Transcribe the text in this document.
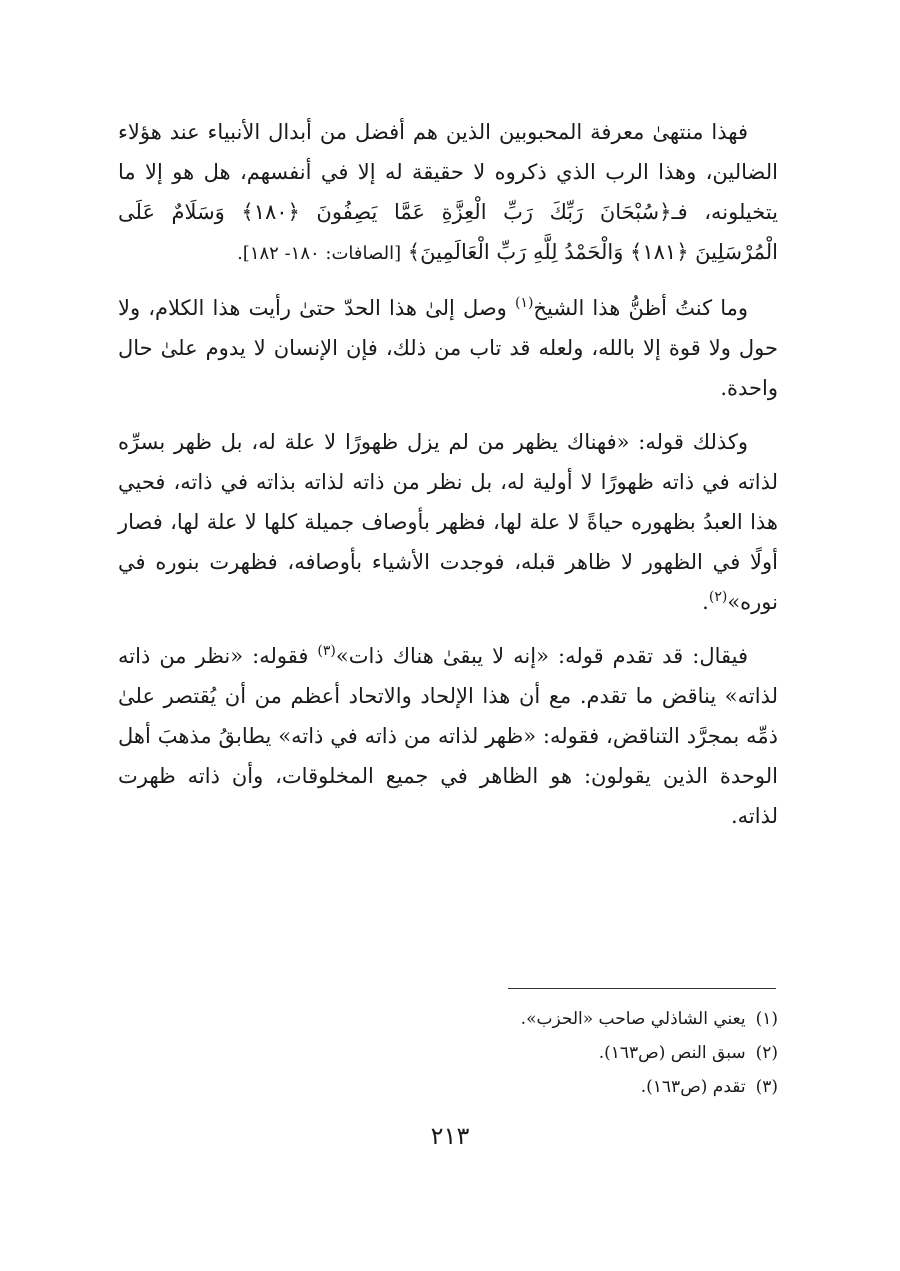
فهذا منتهىٰ معرفة المحبوبين الذين هم أفضل من أبدال الأنبياء عند هؤلاء الضالين، وهذا الرب الذي ذكروه لا حقيقة له إلا في أنفسهم، هل هو إلا ما يتخيلونه، فـ﴿سُبْحَانَ رَبِّكَ رَبِّ الْعِزَّةِ عَمَّا يَصِفُونَ ﴿١٨٠﴾ وَسَلَامٌ عَلَى الْمُرْسَلِينَ ﴿١٨١﴾ وَالْحَمْدُ لِلَّهِ رَبِّ الْعَالَمِينَ﴾ [الصافات: ١٨٠- ١٨٢].

وما كنتُ أظنُّ هذا الشيخ$^{(١)}$ وصل إلىٰ هذا الحدّ حتىٰ رأيت هذا الكلام، ولا حول ولا قوة إلا بالله، ولعله قد تاب من ذلك، فإن الإنسان لا يدوم علىٰ حال واحدة.

وكذلك قوله: «فهناك يظهر من لم يزل ظهورًا لا علة له، بل ظهر بسرِّه لذاته في ذاته ظهورًا لا أولية له، بل نظر من ذاته لذاته بذاته في ذاته، فحيي هذا العبدُ بظهوره حياةً لا علة لها، فظهر بأوصاف جميلة كلها لا علة لها، فصار أولًا في الظهور لا ظاهر قبله، فوجدت الأشياء بأوصافه، فظهرت بنوره في نوره»$^{(٢)}$.

فيقال: قد تقدم قوله: «إنه لا يبقىٰ هناك ذات»$^{(٣)}$ فقوله: «نظر من ذاته لذاته» يناقض ما تقدم. مع أن هذا الإلحاد والاتحاد أعظم من أن يُقتصر علىٰ ذمِّه بمجرَّد التناقض، فقوله: «ظهر لذاته من ذاته في ذاته» يطابقُ مذهبَ أهل الوحدة الذين يقولون: هو الظاهر في جميع المخلوقات، وأن ذاته ظهرت لذاته.

(١)يعني الشاذلي صاحب «الحزب».

(٢)سبق النص (ص١٦٣).

(٣)تقدم (ص١٦٣).

٢١٣
